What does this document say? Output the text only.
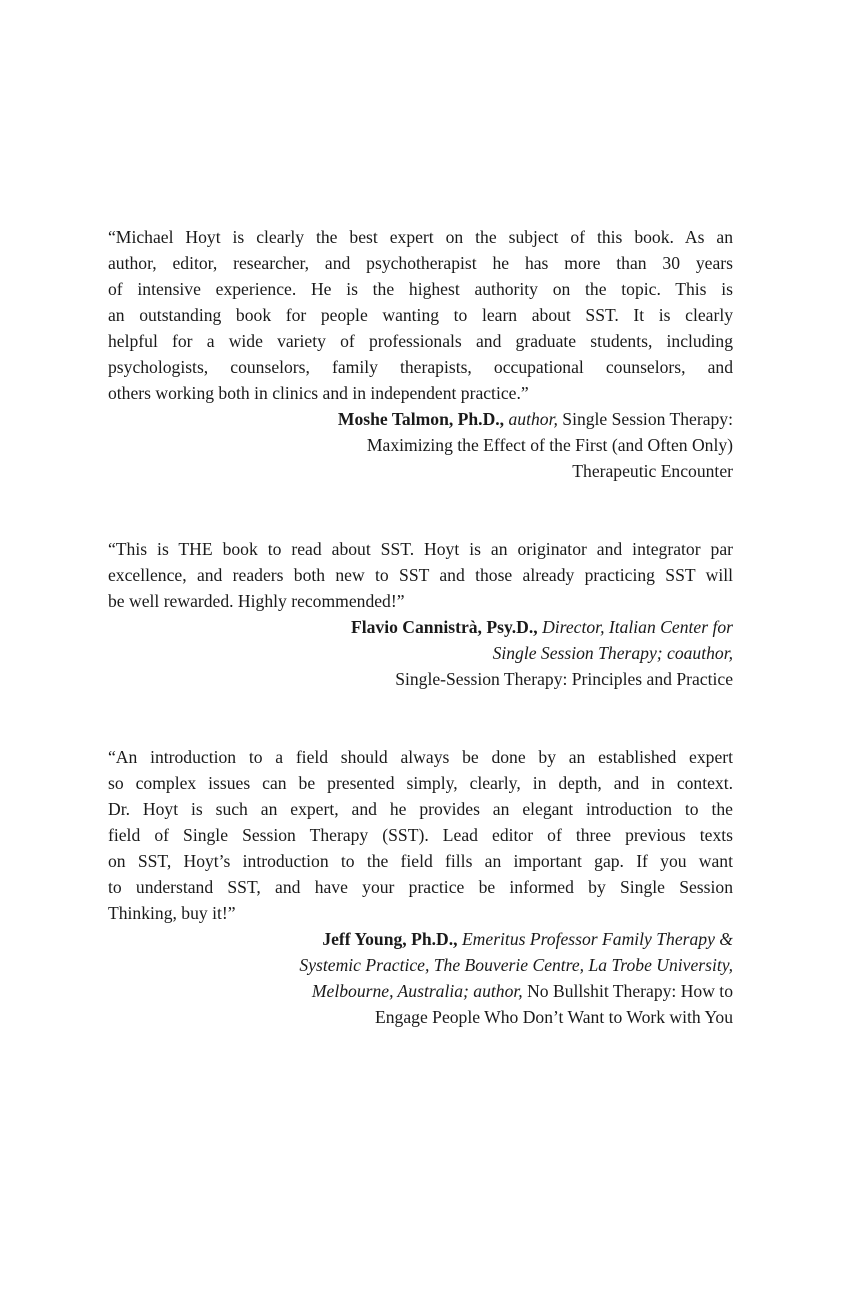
“Michael Hoyt is clearly the best expert on the subject of this book. As an
author, editor, researcher, and psychotherapist he has more than 30 years
of intensive experience. He is the highest authority on the topic. This is
an outstanding book for people wanting to learn about SST. It is clearly
helpful for a wide variety of professionals and graduate students, including
psychologists, counselors, family therapists, occupational counselors, and
others working both in clinics and in independent practice.”

Moshe Talmon, Ph.D., author, Single Session Therapy:
Maximizing the Effect of the First (and Often Only)
Therapeutic Encounter

“This is THE book to read about SST. Hoyt is an originator and integrator par
excellence, and readers both new to SST and those already practicing SST will
be well rewarded. Highly recommended!”

Flavio Cannistrà, Psy.D., Director, Italian Center for
Single Session Therapy; coauthor,
Single-Session Therapy: Principles and Practice

“An introduction to a field should always be done by an established expert
so complex issues can be presented simply, clearly, in depth, and in context.
Dr. Hoyt is such an expert, and he provides an elegant introduction to the
field of Single Session Therapy (SST). Lead editor of three previous texts
on SST, Hoyt’s introduction to the field fills an important gap. If you want
to understand SST, and have your practice be informed by Single Session
Thinking, buy it!”

Jeff Young, Ph.D., Emeritus Professor Family Therapy &
Systemic Practice, The Bouverie Centre, La Trobe University,
Melbourne, Australia; author, No Bullshit Therapy: How to
Engage People Who Don’t Want to Work with You
